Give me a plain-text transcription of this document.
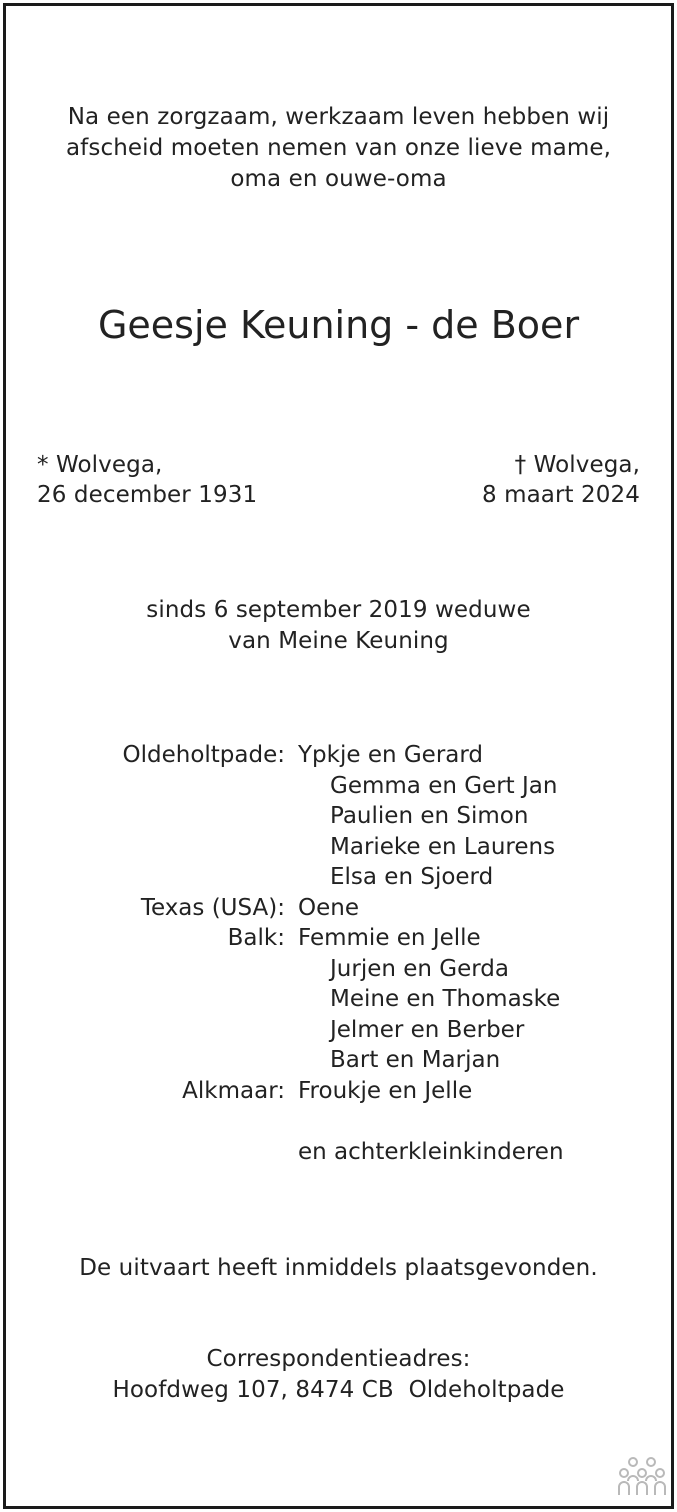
Na een zorgzaam, werkzaam leven hebben wij
afscheid moeten nemen van onze lieve mame,
oma en ouwe-oma
Geesje Keuning - de Boer
* Wolvega,
26 december 1931
† Wolvega,
8 maart 2024
sinds 6 september 2019 weduwe
van Meine Keuning
Oldeholtpade: Ypkje en Gerard
Gemma en Gert Jan
Paulien en Simon
Marieke en Laurens
Elsa en Sjoerd
Texas (USA): Oene
Balk: Femmie en Jelle
Jurjen en Gerda
Meine en Thomaske
Jelmer en Berber
Bart en Marjan
Alkmaar: Froukje en Jelle
en achterkleinkinderen
De uitvaart heeft inmiddels plaatsgevonden.
Correspondentieadres:
Hoofdweg 107, 8474 CB  Oldeholtpade
